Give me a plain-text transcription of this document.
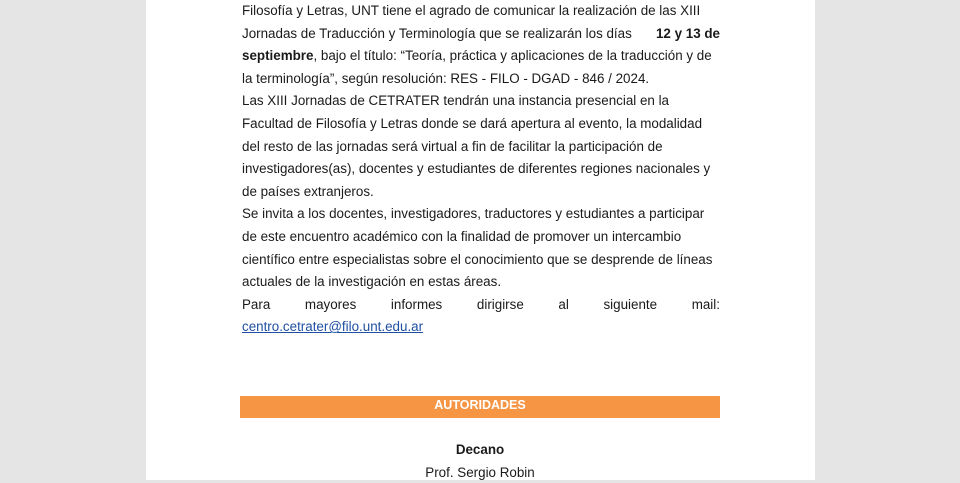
Filosofía y Letras, UNT tiene el agrado de comunicar la realización de las XIII
Jornadas de Traducción y Terminología que se realizarán los días 12 y 13 de
septiembre, bajo el título: “Teoría, práctica y aplicaciones de la traducción y de
la terminología”, según resolución: RES - FILO - DGAD - 846 / 2024.
Las XIII Jornadas de CETRATER tendrán una instancia presencial en la
Facultad de Filosofía y Letras donde se dará apertura al evento, la modalidad
del resto de las jornadas será virtual a fin de facilitar la participación de
investigadores(as), docentes y estudiantes de diferentes regiones nacionales y
de países extranjeros.
Se invita a los docentes, investigadores, traductores y estudiantes a participar
de este encuentro académico con la finalidad de promover un intercambio
científico entre especialistas sobre el conocimiento que se desprende de líneas
actuales de la investigación en estas áreas.
Para	mayores	informes	dirigirse	al	siguiente	mail:
centro.cetrater@filo.unt.edu.ar
AUTORIDADES
Decano
Prof. Sergio Robin
